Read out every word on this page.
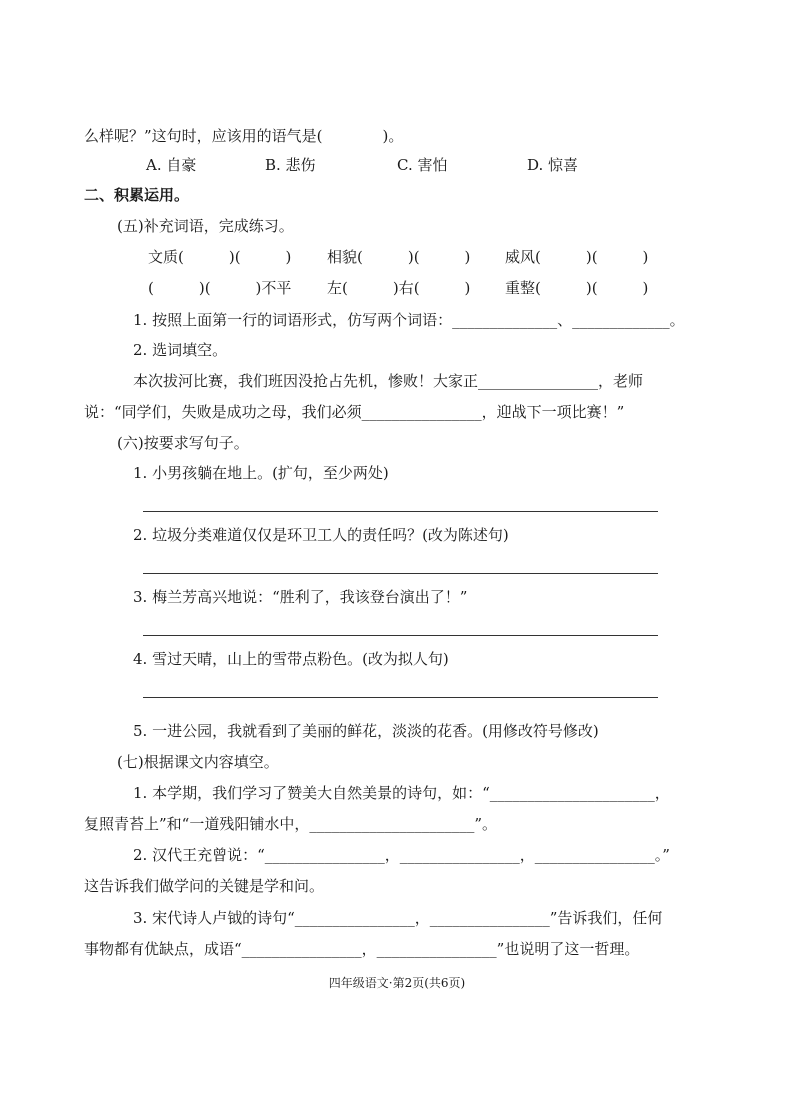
么样呢？”这句时，应该用的语气是(　　　　)。
A. 自豪	B. 悲伤	C. 害怕	D. 惊喜
二、积累运用。
(五)补充词语，完成练习。
文质(　　　)(　　　) 相貌(　　　)(　　　) 威风(　　　)(　　　)
(　　　)(　　　)不平 左(　　　)右(　　　) 重整(　　　)(　　　)
1. 按照上面第一行的词语形式，仿写两个词语：______________、_____________。
2. 选词填空。
本次拔河比赛，我们班因没抢占先机，惨败！大家正________________，老师
说：“同学们，失败是成功之母，我们必须________________，迎战下一项比赛！”
(六)按要求写句子。
1. 小男孩躺在地上。(扩句，至少两处)
2. 垃圾分类难道仅仅是环卫工人的责任吗？(改为陈述句)
3. 梅兰芳高兴地说：“胜利了，我该登台演出了！”
4. 雪过天晴，山上的雪带点粉色。(改为拟人句)
5. 一进公园，我就看到了美丽的鲜花，淡淡的花香。(用修改符号修改)
(七)根据课文内容填空。
1. 本学期，我们学习了赞美大自然美景的诗句，如：“______________________，
复照青苔上”和“一道残阳铺水中，______________________”。
2. 汉代王充曾说：“________________，________________，________________。”
这告诉我们做学问的关键是学和问。
3. 宋代诗人卢钺的诗句“________________，________________”告诉我们，任何
事物都有优缺点，成语“________________，________________”也说明了这一哲理。
四年级语文·第2页(共6页)
